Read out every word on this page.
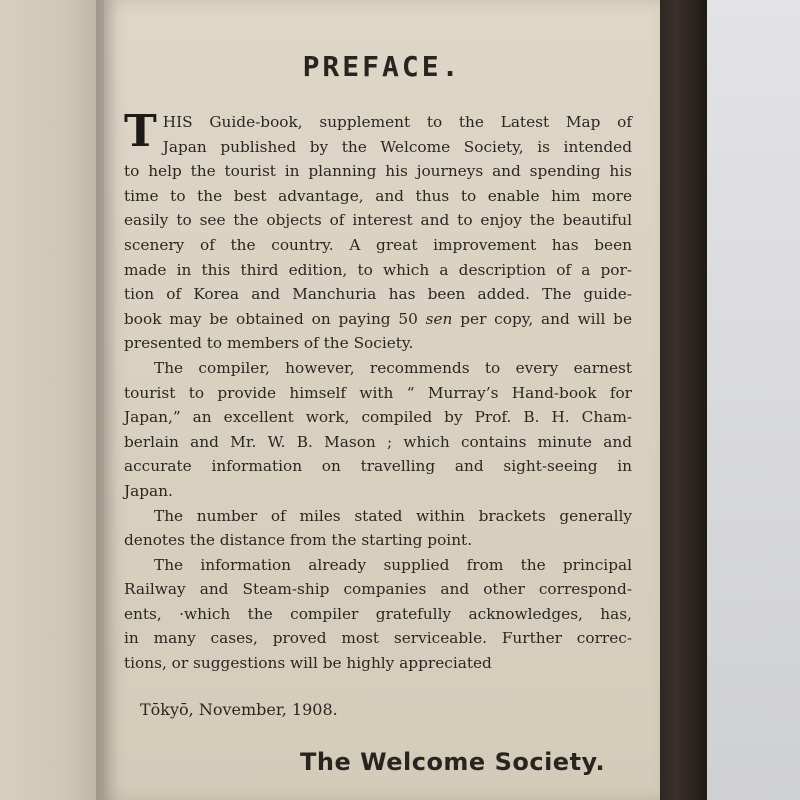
PREFACE.
T HIS Guide-book, supplement to the Latest Map of
Japan published by the Welcome Society, is intended
to help the tourist in planning his journeys and spending his
time to the best advantage, and thus to enable him more
easily to see the objects of interest and to enjoy the beautiful
scenery of the country. A great improvement has been
made in this third edition, to which a description of a por-
tion of Korea and Manchuria has been added. The guide-
book may be obtained on paying 50 sen per copy, and will be
presented to members of the Society.
The compiler, however, recommends to every earnest
tourist to provide himself with “ Murray’s Hand-book for
Japan,” an excellent work, compiled by Prof. B. H. Cham-
berlain and Mr. W. B. Mason ; which contains minute and
accurate information on travelling and sight-seeing in
Japan.
The number of miles stated within brackets generally
denotes the distance from the starting point.
The information already supplied from the principal
Railway and Steam-ship companies and other correspond-
ents, ·which the compiler gratefully acknowledges, has,
in many cases, proved most serviceable. Further correc-
tions, or suggestions will be highly appreciated
Tōkyō, November, 1908.
The Welcome Society.
